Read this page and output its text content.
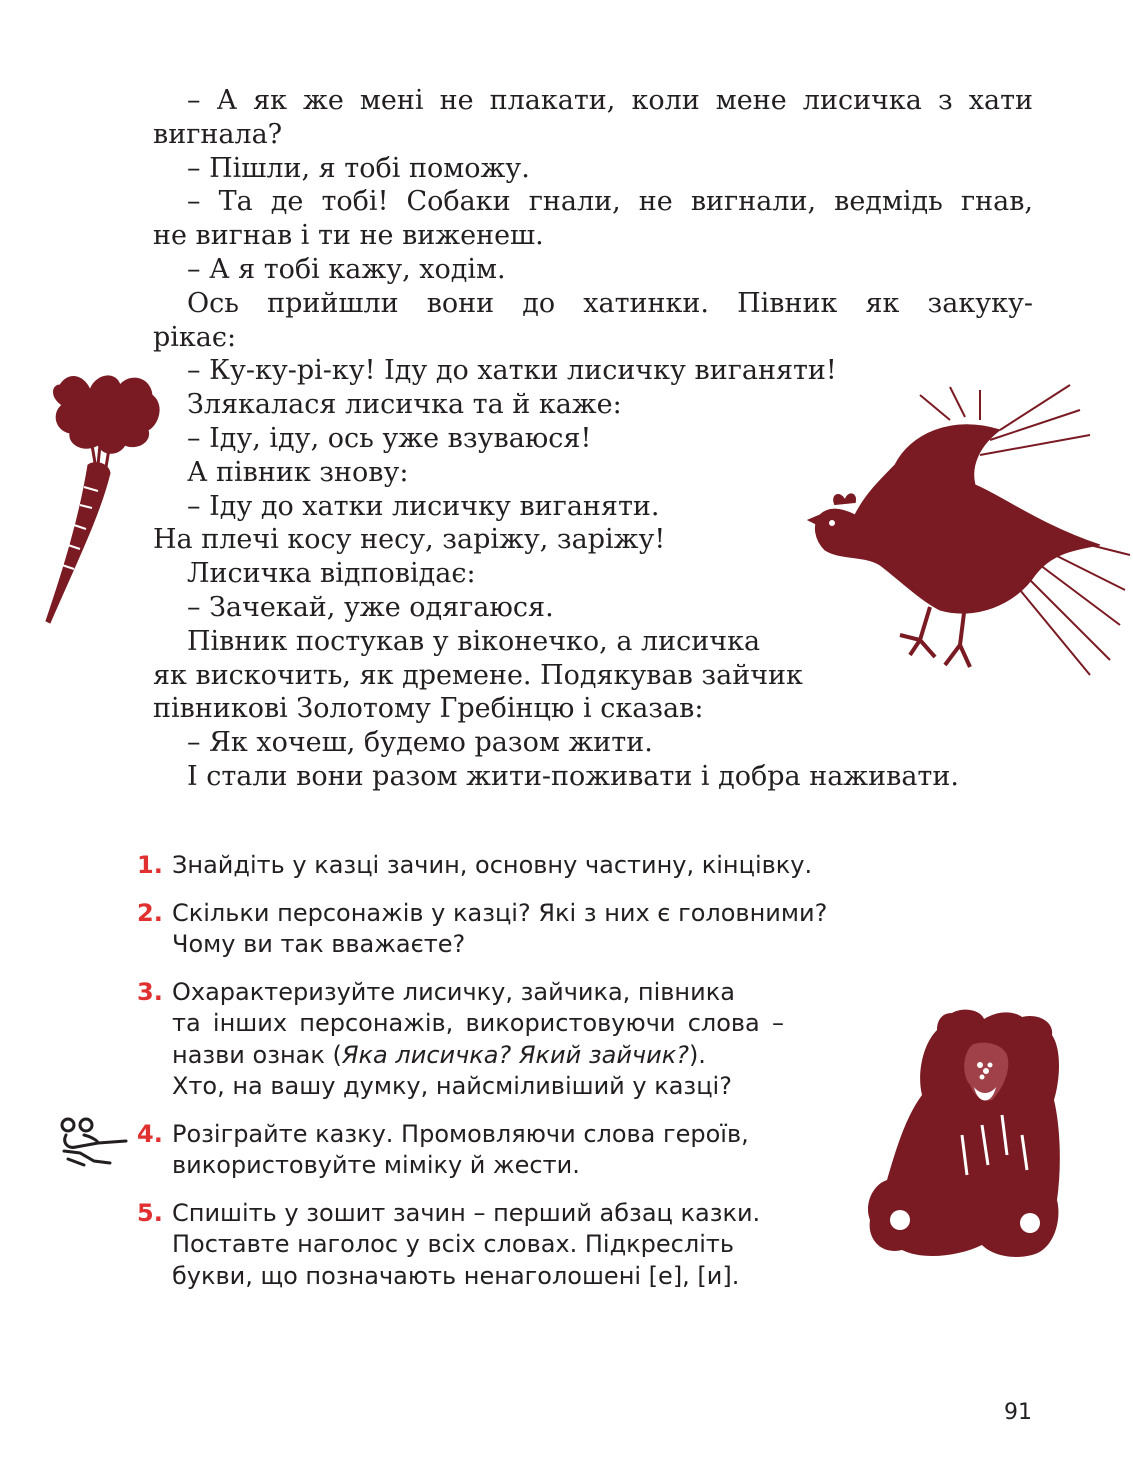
– А як же мені не плакати, коли мене лисичка з хати

вигнала?

– Пішли, я тобі поможу.

– Та де тобі! Собаки гнали, не вигнали, ведмідь гнав,

не вигнав і ти не виженеш.

– А я тобі кажу, ходім.

Ось прийшли вони до хатинки. Півник як закуку-

рікає:

– Ку-ку-рі-ку! Іду до хатки лисичку виганяти!

Злякалася лисичка та й каже:

– Іду, іду, ось уже взуваюся!

А півник знову:

– Іду до хатки лисичку виганяти.

На плечі косу несу, заріжу, заріжу!

Лисичка відповідає:

– Зачекай, уже одягаюся.

Півник постукав у віконечко, а лисичка

як вискочить, як дремене. Подякував зайчик

півникові Золотому Гребінцю і сказав:

– Як хочеш, будемо разом жити.

І стали вони разом жити-поживати і добра наживати.

1. Знайдіть у казці зачин, основну частину, кінцівку.
2. Скільки персонажів у казці? Які з них є головними?
Чому ви так вважаєте?
3. Охарактеризуйте лисичку, зайчика, півника
та інших персонажів, використовуючи слова –
назви ознак (Яка лисичка? Який зайчик?).
Хто, на вашу думку, найсміливіший у казці?
4. Розіграйте казку. Промовляючи слова героїв,
використовуйте міміку й жести.
5. Спишіть у зошит зачин – перший абзац казки.
Поставте наголос у всіх словах. Підкресліть
букви, що позначають ненаголошені [е], [и].
91
